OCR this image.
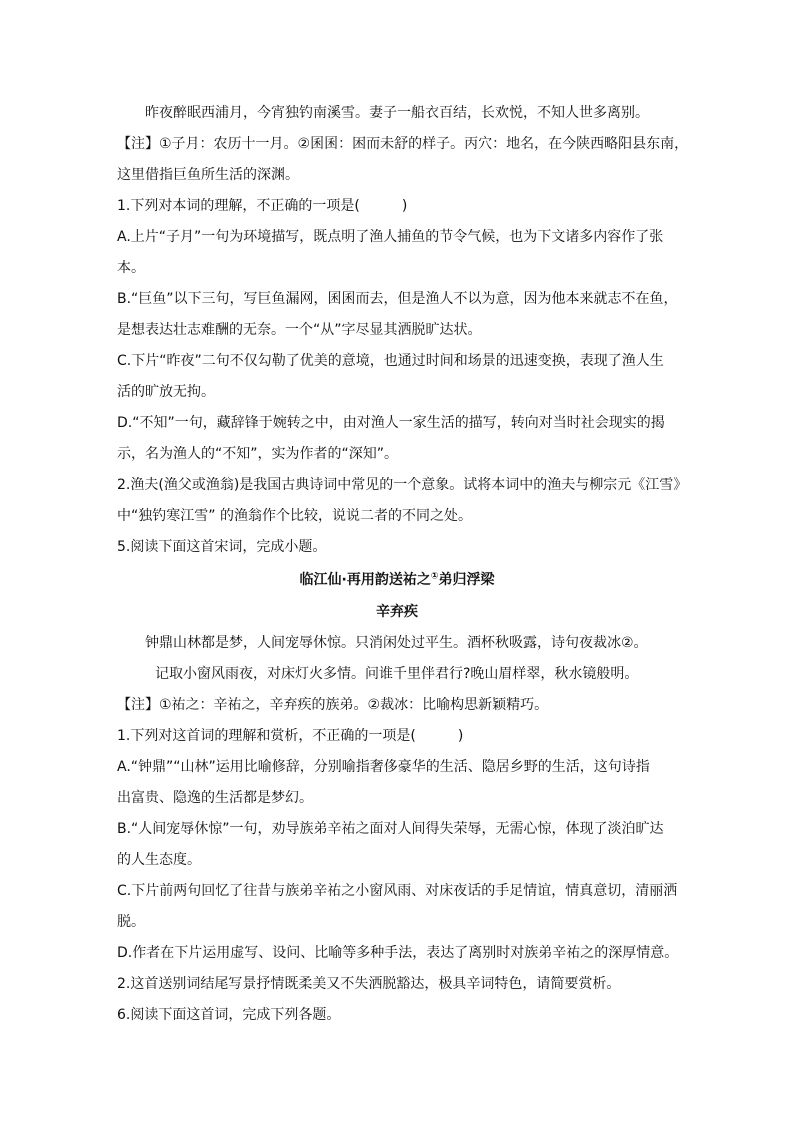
昨夜醉眠西浦月，今宵独钓南溪雪。妻子一船衣百结，长欢悦，不知人世多离别。
【注】①子月：农历十一月。②囷囷：困而未舒的样子。丙穴：地名，在今陕西略阳县东南，
这里借指巨鱼所生活的深渊。
1.下列对本词的理解，不正确的一项是(　　　)
A.上片“子月”一句为环境描写，既点明了渔人捕鱼的节令气候，也为下文诸多内容作了张
本。
B.“巨鱼”以下三句，写巨鱼漏网，囷囷而去，但是渔人不以为意，因为他本来就志不在鱼，
是想表达壮志难酬的无奈。一个“从”字尽显其洒脱旷达状。
C.下片“昨夜”二句不仅勾勒了优美的意境，也通过时间和场景的迅速变换，表现了渔人生
活的旷放无拘。
D.“不知”一句，藏辞锋于婉转之中，由对渔人一家生活的描写，转向对当时社会现实的揭
示，名为渔人的“不知”，实为作者的“深知”。
2.渔夫(渔父或渔翁)是我国古典诗词中常见的一个意象。试将本词中的渔夫与柳宗元《江雪》
中“独钓寒江雪” 的渔翁作个比较，说说二者的不同之处。
5.阅读下面这首宋词，完成小题。
临江仙·再用韵送祐之①弟归浮梁
辛弃疾
钟鼎山林都是梦，人间宠辱休惊。只消闲处过平生。酒杯秋吸露，诗句夜裁冰②。
记取小窗风雨夜，对床灯火多情。问谁千里伴君行?晚山眉样翠，秋水镜般明。
【注】①祐之：辛祐之，辛弃疾的族弟。②裁冰：比喻构思新颖精巧。
1.下列对这首词的理解和赏析，不正确的一项是(　　　)
A.“钟鼎”“山林”运用比喻修辞，分别喻指奢侈豪华的生活、隐居乡野的生活，这句诗指
出富贵、隐逸的生活都是梦幻。
B.“人间宠辱休惊”一句，劝导族弟辛祐之面对人间得失荣辱，无需心惊，体现了淡泊旷达
的人生态度。
C.下片前两句回忆了往昔与族弟辛祐之小窗风雨、对床夜话的手足情谊，情真意切，清丽洒
脱。
D.作者在下片运用虚写、设问、比喻等多种手法，表达了离别时对族弟辛祐之的深厚情意。
2.这首送别词结尾写景抒情既柔美又不失洒脱豁达，极具辛词特色，请简要赏析。
6.阅读下面这首词，完成下列各题。
